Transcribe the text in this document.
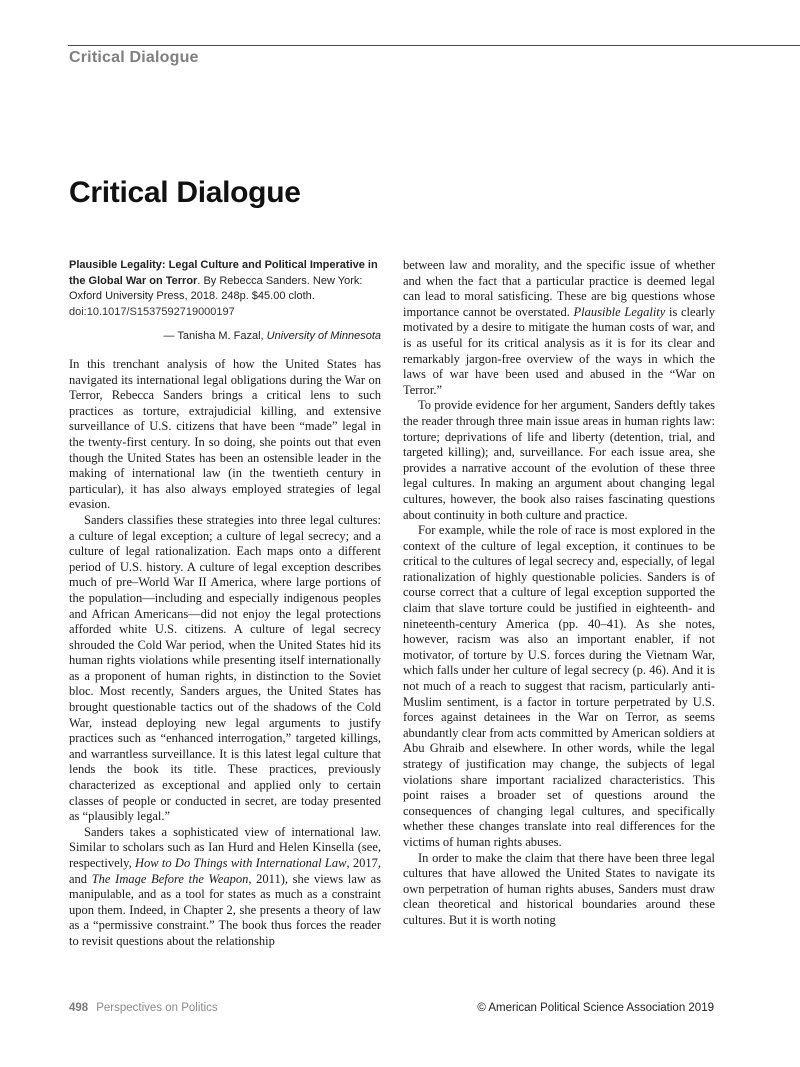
Critical Dialogue
Critical Dialogue

Plausible Legality: Legal Culture and Political Imperative in the Global War on Terror. By Rebecca Sanders. New York: Oxford University Press, 2018. 248p. $45.00 cloth.
doi:10.1017/S1537592719000197

— Tanisha M. Fazal, University of Minnesota

In this trenchant analysis of how the United States has navigated its international legal obligations during the War on Terror, Rebecca Sanders brings a critical lens to such practices as torture, extrajudicial killing, and extensive surveillance of U.S. citizens that have been “made” legal in the twenty-first century. In so doing, she points out that even though the United States has been an ostensible leader in the making of international law (in the twentieth century in particular), it has also always employed strategies of legal evasion.

Sanders classifies these strategies into three legal cultures: a culture of legal exception; a culture of legal secrecy; and a culture of legal rationalization. Each maps onto a different period of U.S. history. A culture of legal exception describes much of pre–World War II America, where large portions of the population—including and especially indigenous peoples and African Americans—did not enjoy the legal protections afforded white U.S. citizens. A culture of legal secrecy shrouded the Cold War period, when the United States hid its human rights violations while presenting itself internationally as a proponent of human rights, in distinction to the Soviet bloc. Most recently, Sanders argues, the United States has brought questionable tactics out of the shadows of the Cold War, instead deploying new legal arguments to justify practices such as “enhanced interrogation,” targeted killings, and warrantless surveillance. It is this latest legal culture that lends the book its title. These practices, previously characterized as exceptional and applied only to certain classes of people or conducted in secret, are today presented as “plausibly legal.”

Sanders takes a sophisticated view of international law. Similar to scholars such as Ian Hurd and Helen Kinsella (see, respectively, How to Do Things with International Law, 2017, and The Image Before the Weapon, 2011), she views law as manipulable, and as a tool for states as much as a constraint upon them. Indeed, in Chapter 2, she presents a theory of law as a “permissive constraint.” The book thus forces the reader to revisit questions about the relationship

between law and morality, and the specific issue of whether and when the fact that a particular practice is deemed legal can lead to moral satisficing. These are big questions whose importance cannot be overstated. Plausible Legality is clearly motivated by a desire to mitigate the human costs of war, and is as useful for its critical analysis as it is for its clear and remarkably jargon-free overview of the ways in which the laws of war have been used and abused in the “War on Terror.”

To provide evidence for her argument, Sanders deftly takes the reader through three main issue areas in human rights law: torture; deprivations of life and liberty (detention, trial, and targeted killing); and, surveillance. For each issue area, she provides a narrative account of the evolution of these three legal cultures. In making an argument about changing legal cultures, however, the book also raises fascinating questions about continuity in both culture and practice.

For example, while the role of race is most explored in the context of the culture of legal exception, it continues to be critical to the cultures of legal secrecy and, especially, of legal rationalization of highly questionable policies. Sanders is of course correct that a culture of legal exception supported the claim that slave torture could be justified in eighteenth- and nineteenth-century America (pp. 40–41). As she notes, however, racism was also an important enabler, if not motivator, of torture by U.S. forces during the Vietnam War, which falls under her culture of legal secrecy (p. 46). And it is not much of a reach to suggest that racism, particularly anti-Muslim sentiment, is a factor in torture perpetrated by U.S. forces against detainees in the War on Terror, as seems abundantly clear from acts committed by American soldiers at Abu Ghraib and elsewhere. In other words, while the legal strategy of justification may change, the subjects of legal violations share important racialized characteristics. This point raises a broader set of questions around the consequences of changing legal cultures, and specifically whether these changes translate into real differences for the victims of human rights abuses.

In order to make the claim that there have been three legal cultures that have allowed the United States to navigate its own perpetration of human rights abuses, Sanders must draw clean theoretical and historical boundaries around these cultures. But it is worth noting

498 Perspectives on Politics	© American Political Science Association 2019
